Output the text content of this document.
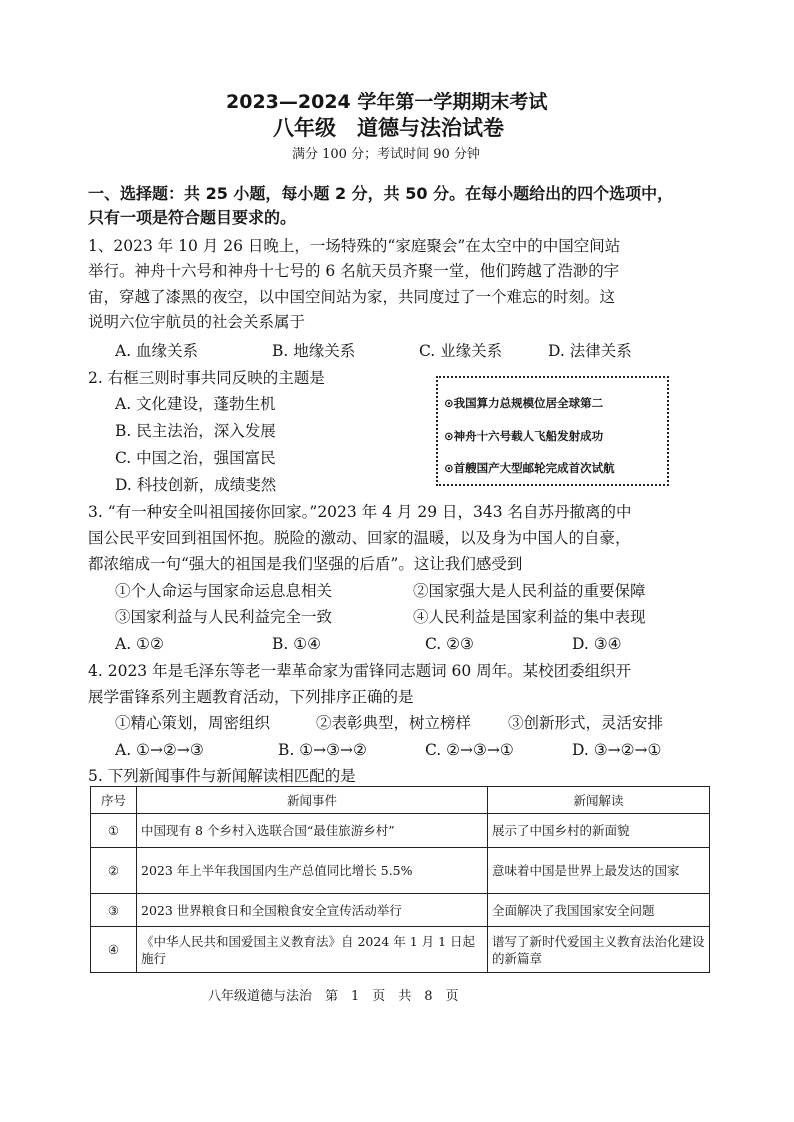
2023—2024 学年第一学期期末考试
八年级　道德与法治试卷
满分 100 分；考试时间 90 分钟
一、选择题：共 25 小题，每小题 2 分，共 50 分。在每小题给出的四个选项中，
只有一项是符合题目要求的。
1、2023 年 10 月 26 日晚上，一场特殊的“家庭聚会”在太空中的中国空间站
举行。神舟十六号和神舟十七号的 6 名航天员齐聚一堂，他们跨越了浩渺的宇
宙，穿越了漆黑的夜空，以中国空间站为家，共同度过了一个难忘的时刻。这
说明六位宇航员的社会关系属于
A. 血缘关系	B. 地缘关系	C. 业缘关系	D. 法律关系
2. 右框三则时事共同反映的主题是
A. 文化建设，蓬勃生机
B. 民主法治，深入发展
C. 中国之治，强国富民
D. 科技创新，成绩斐然
⊙我国算力总规模位居全球第二
⊙神舟十六号载人飞船发射成功
⊙首艘国产大型邮轮完成首次试航
3. “有一种安全叫祖国接你回家。”2023 年 4 月 29 日，343 名自苏丹撤离的中
国公民平安回到祖国怀抱。脱险的激动、回家的温暖，以及身为中国人的自豪，
都浓缩成一句“强大的祖国是我们坚强的后盾”。这让我们感受到
①个人命运与国家命运息息相关	②国家强大是人民利益的重要保障
③国家利益与人民利益完全一致	④人民利益是国家利益的集中表现
A. ①②	B. ①④	C. ②③	D. ③④
4. 2023 年是毛泽东等老一辈革命家为雷锋同志题词 60 周年。某校团委组织开
展学雷锋系列主题教育活动，下列排序正确的是
①精心策划，周密组织	②表彰典型，树立榜样 ③创新形式，灵活安排
A. ①→②→③	B. ①→③→②	C. ②→③→①	D. ③→②→①
5. 下列新闻事件与新闻解读相匹配的是
序号	新闻事件	新闻解读
①	中国现有 8 个乡村入选联合国“最佳旅游乡村”	展示了中国乡村的新面貌
②	2023 年上半年我国国内生产总值同比增长 5.5%	意味着中国是世界上最发达的国家
③	2023 世界粮食日和全国粮食安全宣传活动举行	全面解决了我国国家安全问题
④	《中华人民共和国爱国主义教育法》自 2024 年 1 月 1 日起施行	谱写了新时代爱国主义教育法治化建设的新篇章
八年级道德与法治　第　1　页　共　8　页
